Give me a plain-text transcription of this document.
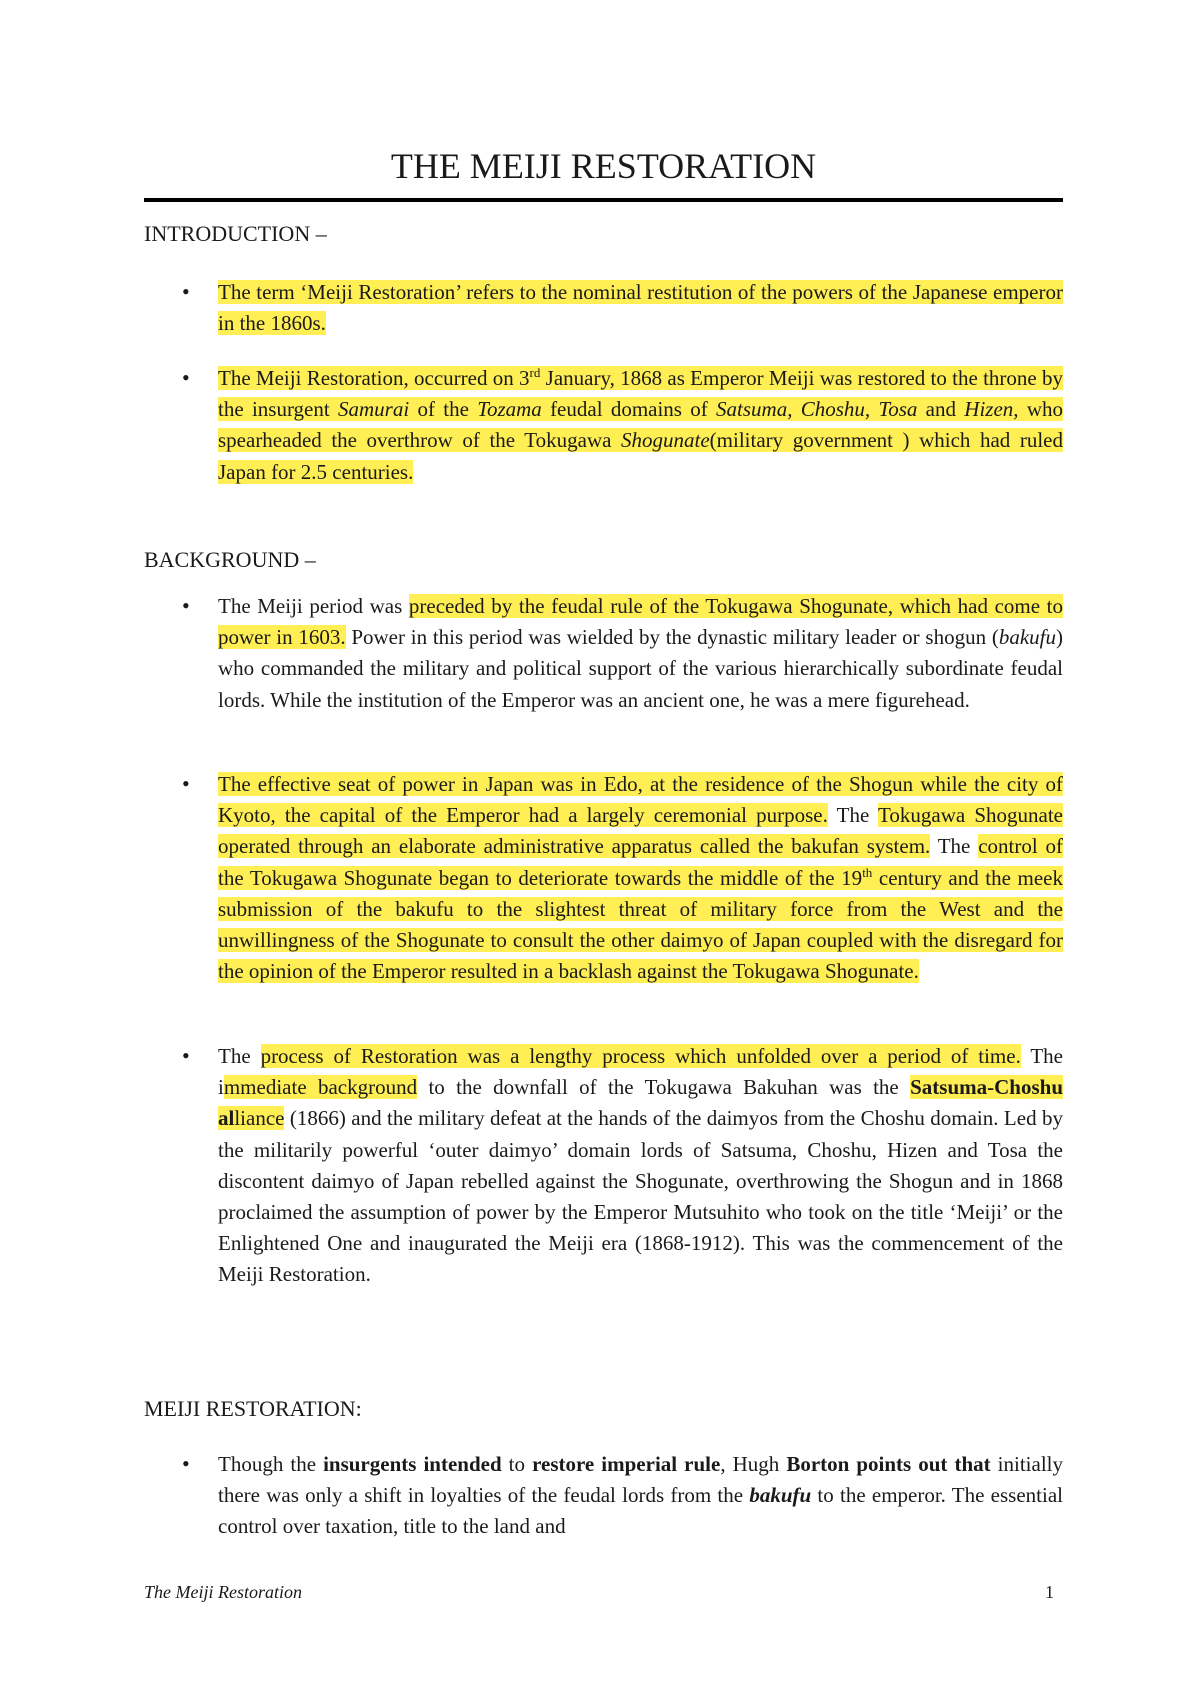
THE MEIJI RESTORATION
INTRODUCTION –
• The term ‘Meiji Restoration’ refers to the nominal restitution of the powers of the Japanese emperor in the 1860s.
• The Meiji Restoration, occurred on 3rd January, 1868 as Emperor Meiji was restored to the throne by the insurgent Samurai of the Tozama feudal domains of Satsuma, Choshu, Tosa and Hizen, who spearheaded the overthrow of the Tokugawa Shogunate(military government ) which had ruled Japan for 2.5 centuries.
BACKGROUND –
• The Meiji period was preceded by the feudal rule of the Tokugawa Shogunate, which had come to power in 1603. Power in this period was wielded by the dynastic military leader or shogun (bakufu) who commanded the military and political support of the various hierarchically subordinate feudal lords. While the institution of the Emperor was an ancient one, he was a mere figurehead.
• The effective seat of power in Japan was in Edo, at the residence of the Shogun while the city of Kyoto, the capital of the Emperor had a largely ceremonial purpose. The Tokugawa Shogunate operated through an elaborate administrative apparatus called the bakufan system. The control of the Tokugawa Shogunate began to deteriorate towards the middle of the 19th century and the meek submission of the bakufu to the slightest threat of military force from the West and the unwillingness of the Shogunate to consult the other daimyo of Japan coupled with the disregard for the opinion of the Emperor resulted in a backlash against the Tokugawa Shogunate.
• The process of Restoration was a lengthy process which unfolded over a period of time. The immediate background to the downfall of the Tokugawa Bakuhan was the Satsuma-Choshu alliance (1866) and the military defeat at the hands of the daimyos from the Choshu domain. Led by the militarily powerful ‘outer daimyo’ domain lords of Satsuma, Choshu, Hizen and Tosa the discontent daimyo of Japan rebelled against the Shogunate, overthrowing the Shogun and in 1868 proclaimed the assumption of power by the Emperor Mutsuhito who took on the title ‘Meiji’ or the Enlightened One and inaugurated the Meiji era (1868-1912). This was the commencement of the Meiji Restoration.
MEIJI RESTORATION:
• Though the insurgents intended to restore imperial rule, Hugh Borton points out that initially there was only a shift in loyalties of the feudal lords from the bakufu to the emperor. The essential control over taxation, title to the land and
The Meiji Restoration	1
